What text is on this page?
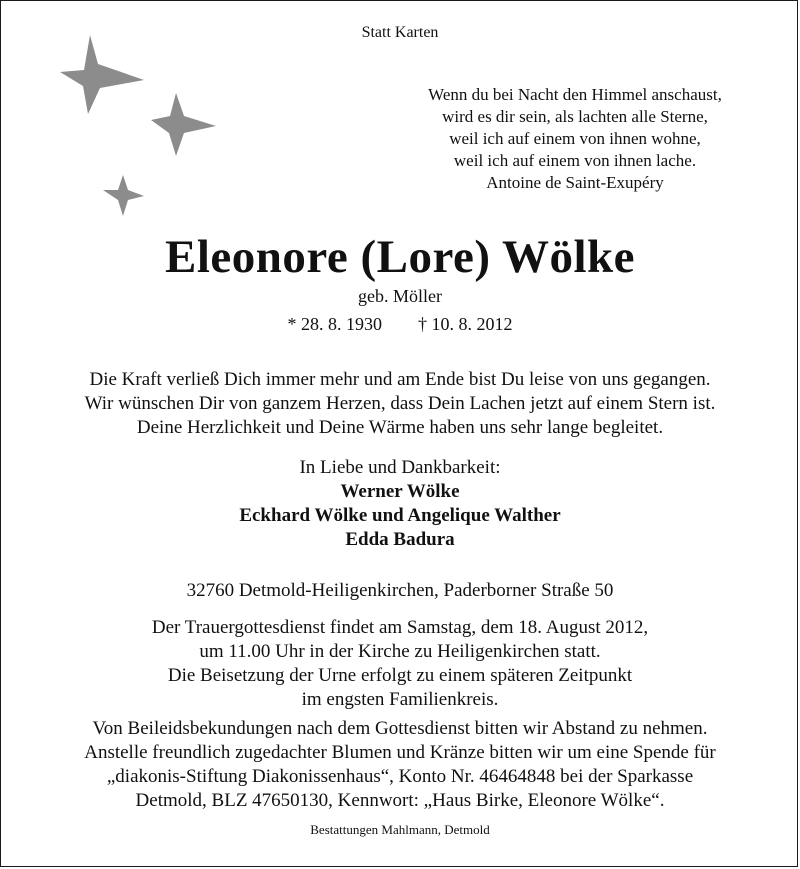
Statt Karten
Wenn du bei Nacht den Himmel anschaust,
wird es dir sein, als lachten alle Sterne,
weil ich auf einem von ihnen wohne,
weil ich auf einem von ihnen lache.
Antoine de Saint-Exupéry
Eleonore (Lore) Wölke
geb. Möller
* 28. 8. 1930 † 10. 8. 2012
Die Kraft verließ Dich immer mehr und am Ende bist Du leise von uns gegangen.
Wir wünschen Dir von ganzem Herzen, dass Dein Lachen jetzt auf einem Stern ist.
Deine Herzlichkeit und Deine Wärme haben uns sehr lange begleitet.
In Liebe und Dankbarkeit:
Werner Wölke
Eckhard Wölke und Angelique Walther
Edda Badura
32760 Detmold-Heiligenkirchen, Paderborner Straße 50
Der Trauergottesdienst findet am Samstag, dem 18. August 2012,
um 11.00 Uhr in der Kirche zu Heiligenkirchen statt.
Die Beisetzung der Urne erfolgt zu einem späteren Zeitpunkt
im engsten Familienkreis.
Von Beileidsbekundungen nach dem Gottesdienst bitten wir Abstand zu nehmen.
Anstelle freundlich zugedachter Blumen und Kränze bitten wir um eine Spende für
„diakonis-Stiftung Diakonissenhaus“, Konto Nr. 46464848 bei der Sparkasse
Detmold, BLZ 47650130, Kennwort: „Haus Birke, Eleonore Wölke“.
Bestattungen Mahlmann, Detmold
